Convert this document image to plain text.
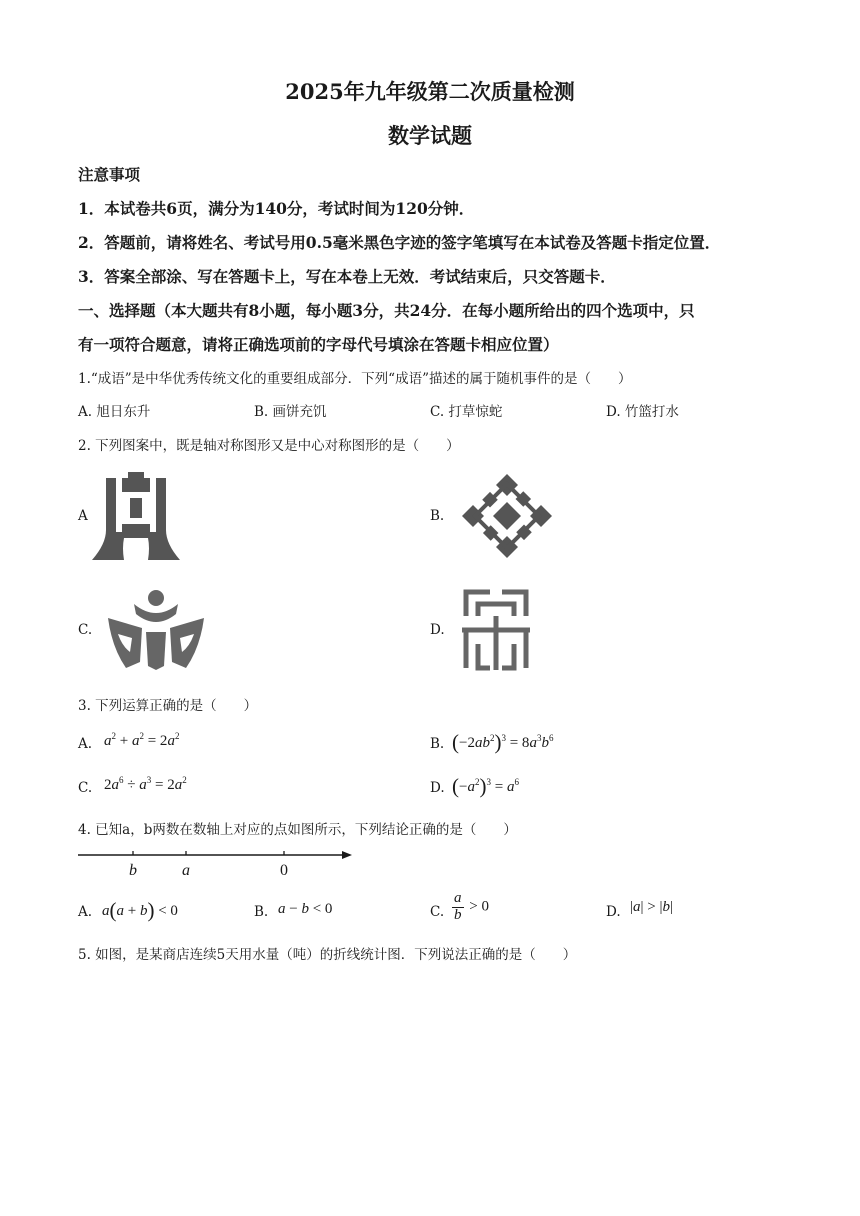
2025年九年级第二次质量检测
数学试题
注意事项
1．本试卷共6页，满分为140分，考试时间为120分钟．
2．答题前，请将姓名、考试号用0.5毫米黑色字迹的签字笔填写在本试卷及答题卡指定位置．
3．答案全部涂、写在答题卡上，写在本卷上无效．考试结束后，只交答题卡．
一、选择题（本大题共有8小题，每小题3分，共24分．在每小题所给出的四个选项中，只
有一项符合题意，请将正确选项前的字母代号填涂在答题卡相应位置）
1.“成语”是中华优秀传统文化的重要组成部分．下列“成语”描述的属于随机事件的是（　　）
A. 旭日东升	B. 画饼充饥	C. 打草惊蛇	D. 竹篮打水
2. 下列图案中，既是轴对称图形又是中心对称图形的是（　　）
A	B.
C.	D.
3. 下列运算正确的是（　　）
A. $a^2 + a^2 = 2a^2$	B. $(-2ab^2)^3 = 8a^3b^6$
C. $2a^6 \div a^3 = 2a^2$	D. $(-a^2)^3 = a^6$
4. 已知a，b两数在数轴上对应的点如图所示，下列结论正确的是（　　）
b	a	0
A. a(a + b) < 0	B. a − b < 0	C. $\frac{a}{b} > 0$	D. |a| > |b|
5. 如图，是某商店连续5天用水量（吨）的折线统计图．下列说法正确的是（　　）
